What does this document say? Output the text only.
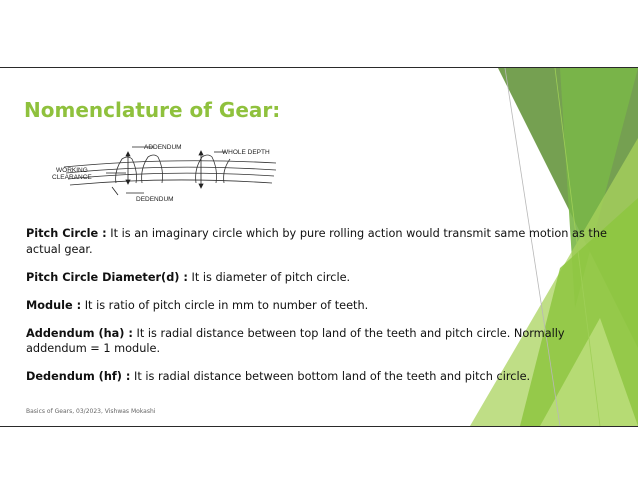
Nomenclature of Gear:
ADDENDUM
WHOLE DEPTH
WORKING
CLEARANCE
DEDENDUM

Pitch Circle : It is an imaginary circle which by pure rolling action would transmit same motion as the actual gear.

Pitch Circle Diameter(d) : It is diameter of pitch circle.

Module : It is ratio of pitch circle in mm to number of teeth.

Addendum (ha) : It is radial distance between top land of the teeth and pitch circle. Normally addendum = 1 module.

Dedendum (hf) : It is radial distance between bottom land of the teeth and pitch circle.

Basics of Gears, 03/2023, Vishwas Mokashi
